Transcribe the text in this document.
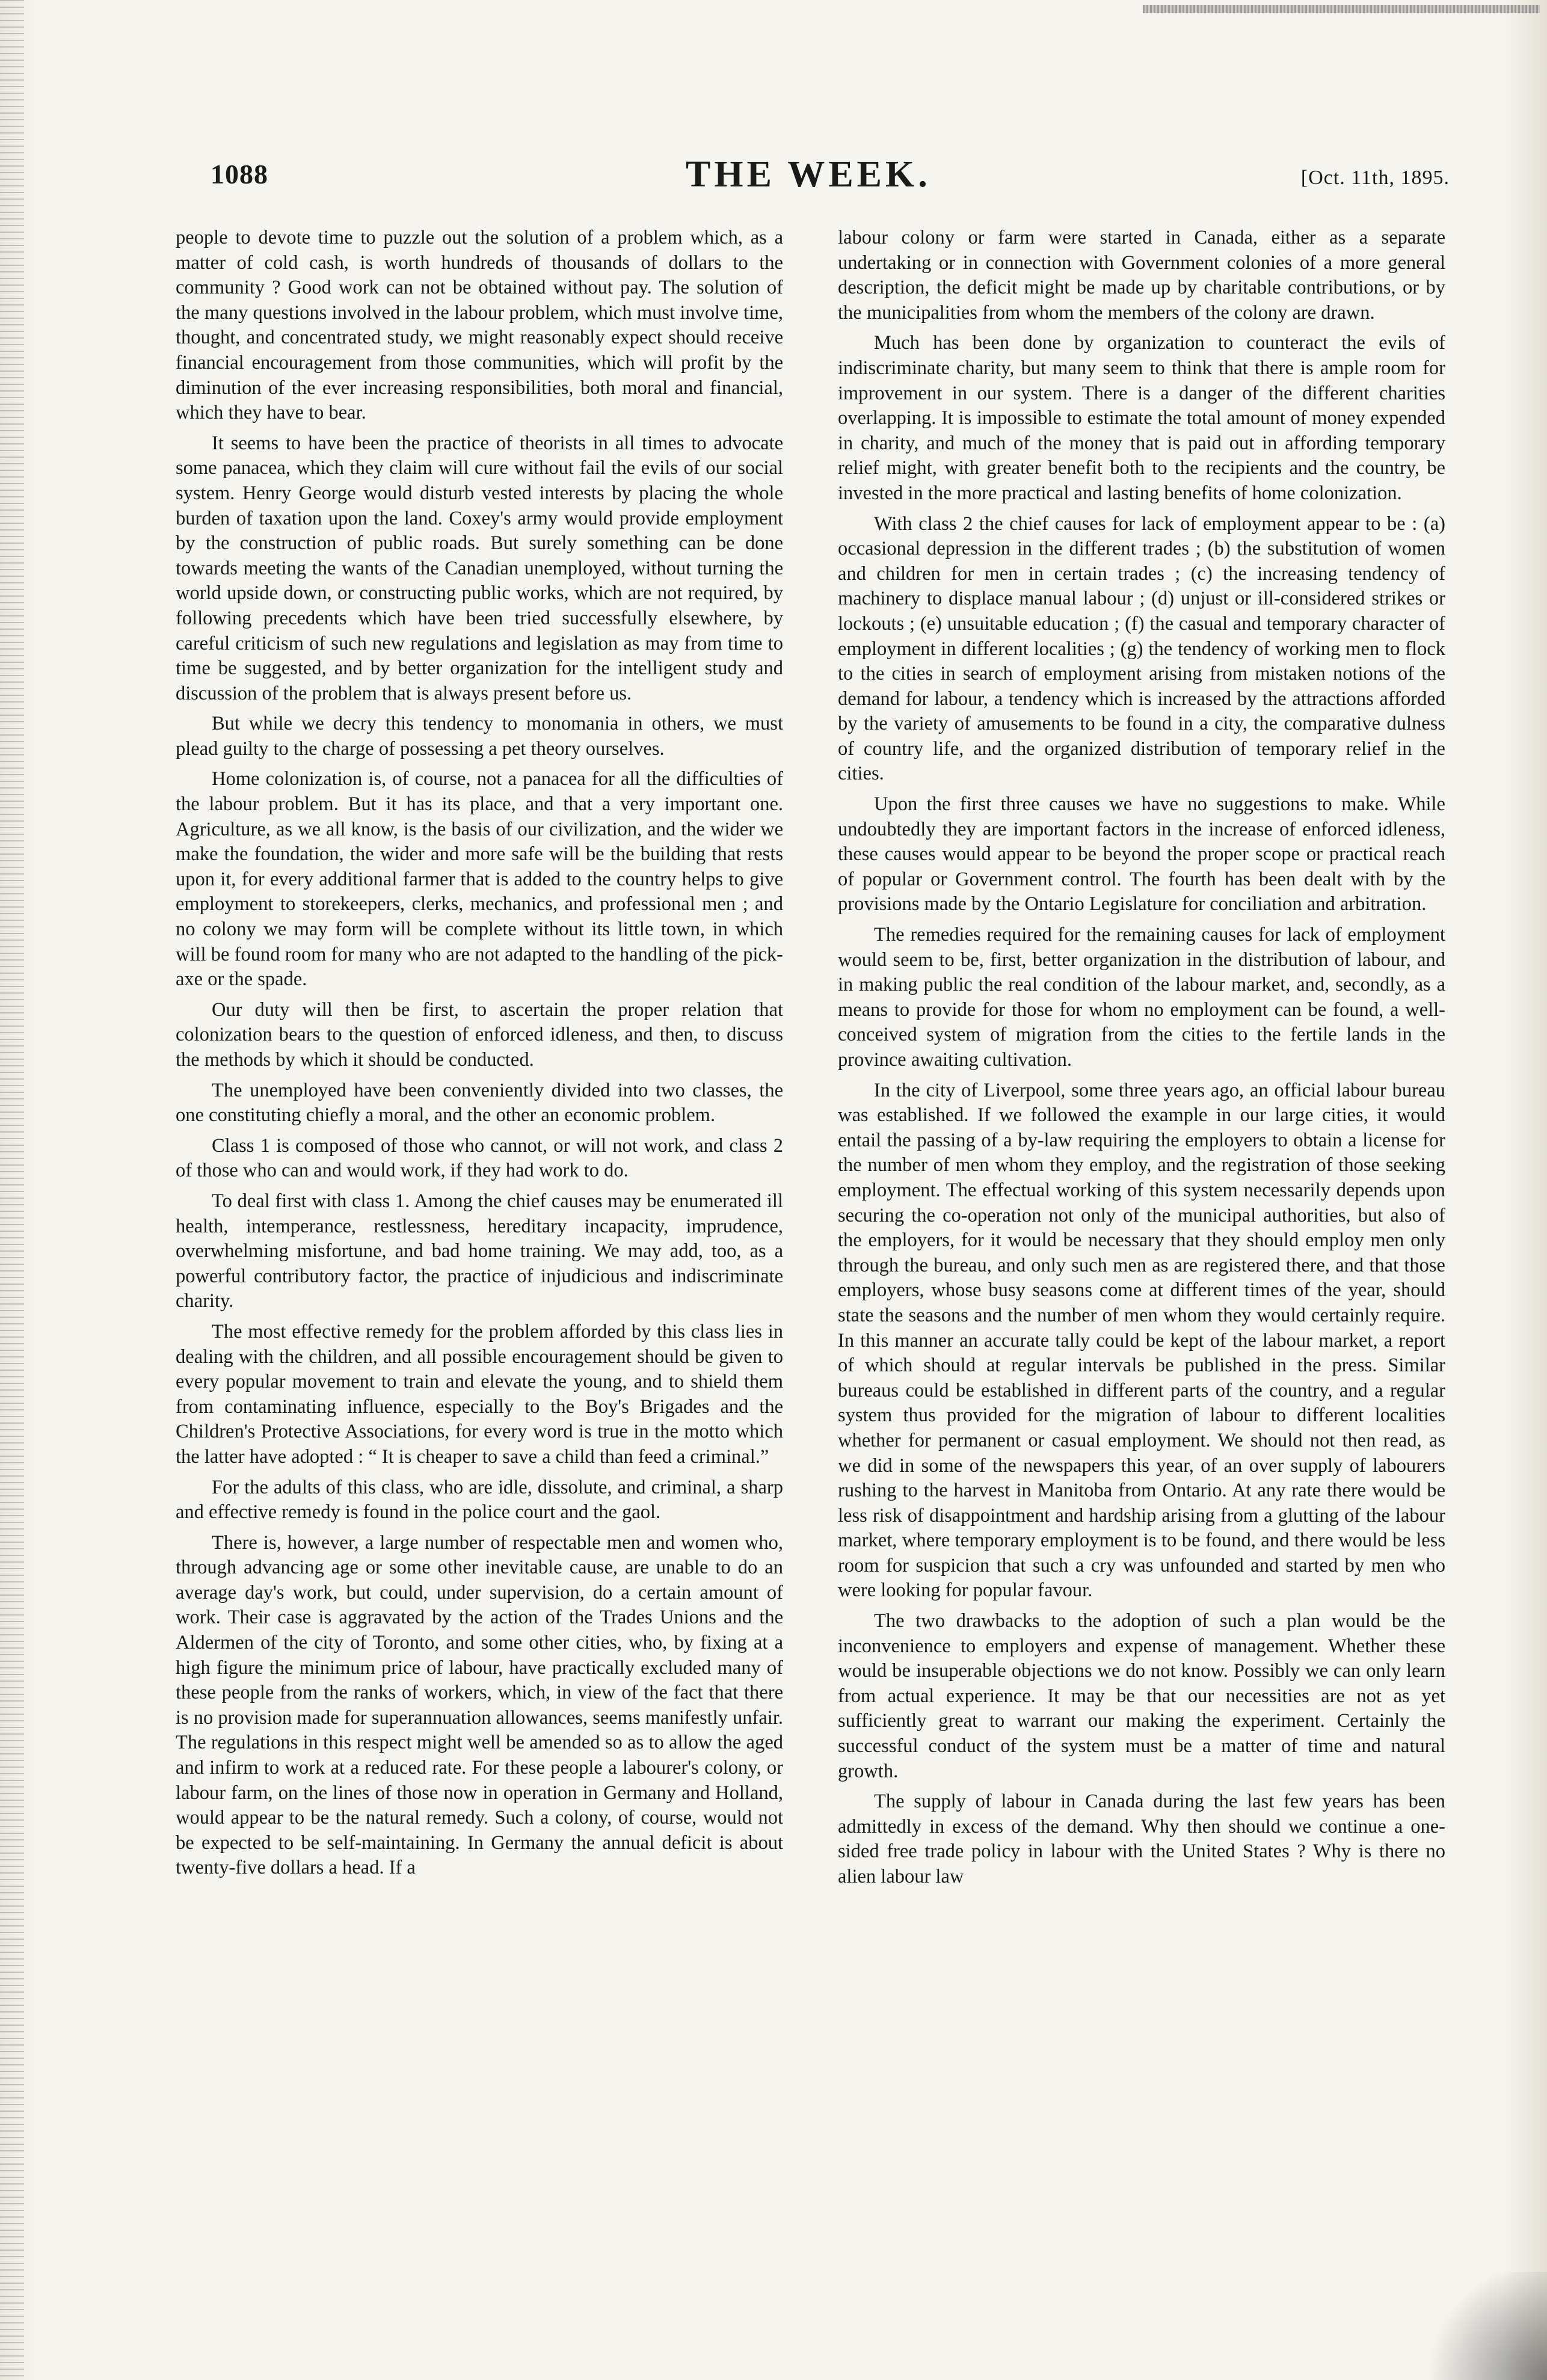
1088	THE WEEK.	[Oct. 11th, 1895.

people to devote time to puzzle out the solution of a problem which, as a matter of cold cash, is worth hundreds of thousands of dollars to the community ? Good work can not be obtained without pay. The solution of the many questions involved in the labour problem, which must involve time, thought, and concentrated study, we might reasonably expect should receive financial encouragement from those communities, which will profit by the diminution of the ever increasing responsibilities, both moral and financial, which they have to bear.

It seems to have been the practice of theorists in all times to advocate some panacea, which they claim will cure without fail the evils of our social system. Henry George would disturb vested interests by placing the whole burden of taxation upon the land. Coxey's army would provide employment by the construction of public roads. But surely something can be done towards meeting the wants of the Canadian unemployed, without turning the world upside down, or constructing public works, which are not required, by following precedents which have been tried successfully elsewhere, by careful criticism of such new regulations and legislation as may from time to time be suggested, and by better organization for the intelligent study and discussion of the problem that is always present before us.

But while we decry this tendency to monomania in others, we must plead guilty to the charge of possessing a pet theory ourselves.

Home colonization is, of course, not a panacea for all the difficulties of the labour problem. But it has its place, and that a very important one. Agriculture, as we all know, is the basis of our civilization, and the wider we make the foundation, the wider and more safe will be the building that rests upon it, for every additional farmer that is added to the country helps to give employment to storekeepers, clerks, mechanics, and professional men ; and no colony we may form will be complete without its little town, in which will be found room for many who are not adapted to the handling of the pick-axe or the spade.

Our duty will then be first, to ascertain the proper relation that colonization bears to the question of enforced idleness, and then, to discuss the methods by which it should be conducted.

The unemployed have been conveniently divided into two classes, the one constituting chiefly a moral, and the other an economic problem.

Class 1 is composed of those who cannot, or will not work, and class 2 of those who can and would work, if they had work to do.

To deal first with class 1. Among the chief causes may be enumerated ill health, intemperance, restlessness, hereditary incapacity, imprudence, overwhelming misfortune, and bad home training. We may add, too, as a powerful contributory factor, the practice of injudicious and indiscriminate charity.

The most effective remedy for the problem afforded by this class lies in dealing with the children, and all possible encouragement should be given to every popular movement to train and elevate the young, and to shield them from contaminating influence, especially to the Boy's Brigades and the Children's Protective Associations, for every word is true in the motto which the latter have adopted : “ It is cheaper to save a child than feed a criminal.”

For the adults of this class, who are idle, dissolute, and criminal, a sharp and effective remedy is found in the police court and the gaol.

There is, however, a large number of respectable men and women who, through advancing age or some other inevitable cause, are unable to do an average day's work, but could, under supervision, do a certain amount of work. Their case is aggravated by the action of the Trades Unions and the Aldermen of the city of Toronto, and some other cities, who, by fixing at a high figure the minimum price of labour, have practically excluded many of these people from the ranks of workers, which, in view of the fact that there is no provision made for superannuation allowances, seems manifestly unfair. The regulations in this respect might well be amended so as to allow the aged and infirm to work at a reduced rate. For these people a labourer's colony, or labour farm, on the lines of those now in operation in Germany and Holland, would appear to be the natural remedy. Such a colony, of course, would not be expected to be self-maintaining. In Germany the annual deficit is about twenty-five dollars a head. If a

labour colony or farm were started in Canada, either as a separate undertaking or in connection with Government colonies of a more general description, the deficit might be made up by charitable contributions, or by the municipalities from whom the members of the colony are drawn.

Much has been done by organization to counteract the evils of indiscriminate charity, but many seem to think that there is ample room for improvement in our system. There is a danger of the different charities overlapping. It is impossible to estimate the total amount of money expended in charity, and much of the money that is paid out in affording temporary relief might, with greater benefit both to the recipients and the country, be invested in the more practical and lasting benefits of home colonization.

With class 2 the chief causes for lack of employment appear to be : (a) occasional depression in the different trades ; (b) the substitution of women and children for men in certain trades ; (c) the increasing tendency of machinery to displace manual labour ; (d) unjust or ill-considered strikes or lockouts ; (e) unsuitable education ; (f) the casual and temporary character of employment in different localities ; (g) the tendency of working men to flock to the cities in search of employment arising from mistaken notions of the demand for labour, a tendency which is increased by the attractions afforded by the variety of amusements to be found in a city, the comparative dulness of country life, and the organized distribution of temporary relief in the cities.

Upon the first three causes we have no suggestions to make. While undoubtedly they are important factors in the increase of enforced idleness, these causes would appear to be beyond the proper scope or practical reach of popular or Government control. The fourth has been dealt with by the provisions made by the Ontario Legislature for conciliation and arbitration.

The remedies required for the remaining causes for lack of employment would seem to be, first, better organization in the distribution of labour, and in making public the real condition of the labour market, and, secondly, as a means to provide for those for whom no employment can be found, a well-conceived system of migration from the cities to the fertile lands in the province awaiting cultivation.

In the city of Liverpool, some three years ago, an official labour bureau was established. If we followed the example in our large cities, it would entail the passing of a by-law requiring the employers to obtain a license for the number of men whom they employ, and the registration of those seeking employment. The effectual working of this system necessarily depends upon securing the co-operation not only of the municipal authorities, but also of the employers, for it would be necessary that they should employ men only through the bureau, and only such men as are registered there, and that those employers, whose busy seasons come at different times of the year, should state the seasons and the number of men whom they would certainly require. In this manner an accurate tally could be kept of the labour market, a report of which should at regular intervals be published in the press. Similar bureaus could be established in different parts of the country, and a regular system thus provided for the migration of labour to different localities whether for permanent or casual employment. We should not then read, as we did in some of the newspapers this year, of an over supply of labourers rushing to the harvest in Manitoba from Ontario. At any rate there would be less risk of disappointment and hardship arising from a glutting of the labour market, where temporary employment is to be found, and there would be less room for suspicion that such a cry was unfounded and started by men who were looking for popular favour.

The two drawbacks to the adoption of such a plan would be the inconvenience to employers and expense of management. Whether these would be insuperable objections we do not know. Possibly we can only learn from actual experience. It may be that our necessities are not as yet sufficiently great to warrant our making the experiment. Certainly the successful conduct of the system must be a matter of time and natural growth.

The supply of labour in Canada during the last few years has been admittedly in excess of the demand. Why then should we continue a one-sided free trade policy in labour with the United States ? Why is there no alien labour law
